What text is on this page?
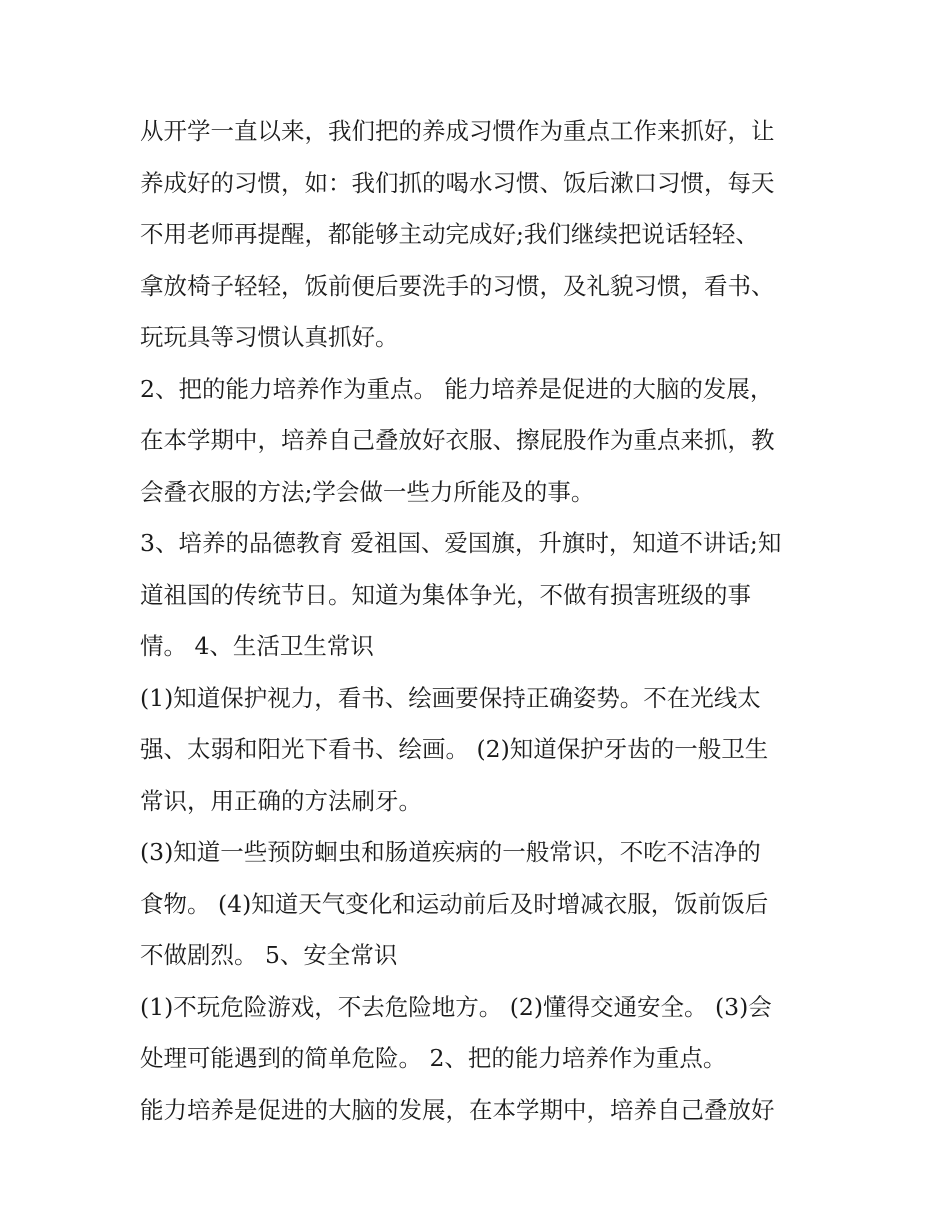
从开学一直以来，我们把的养成习惯作为重点工作来抓好，让
养成好的习惯，如：我们抓的喝水习惯、饭后漱口习惯，每天
不用老师再提醒，都能够主动完成好;我们继续把说话轻轻、
拿放椅子轻轻，饭前便后要洗手的习惯，及礼貌习惯，看书、
玩玩具等习惯认真抓好。
2、把的能力培养作为重点。 能力培养是促进的大脑的发展，
在本学期中，培养自己叠放好衣服、擦屁股作为重点来抓，教
会叠衣服的方法;学会做一些力所能及的事。
3、培养的品德教育 爱祖国、爱国旗，升旗时，知道不讲话;知
道祖国的传统节日。知道为集体争光，不做有损害班级的事
情。 4、生活卫生常识
(1)知道保护视力，看书、绘画要保持正确姿势。不在光线太
强、太弱和阳光下看书、绘画。 (2)知道保护牙齿的一般卫生
常识，用正确的方法刷牙。
(3)知道一些预防蛔虫和肠道疾病的一般常识，不吃不洁净的
食物。 (4)知道天气变化和运动前后及时增减衣服，饭前饭后
不做剧烈。 5、安全常识
(1)不玩危险游戏，不去危险地方。 (2)懂得交通安全。 (3)会
处理可能遇到的简单危险。 2、把的能力培养作为重点。
能力培养是促进的大脑的发展，在本学期中，培养自己叠放好
